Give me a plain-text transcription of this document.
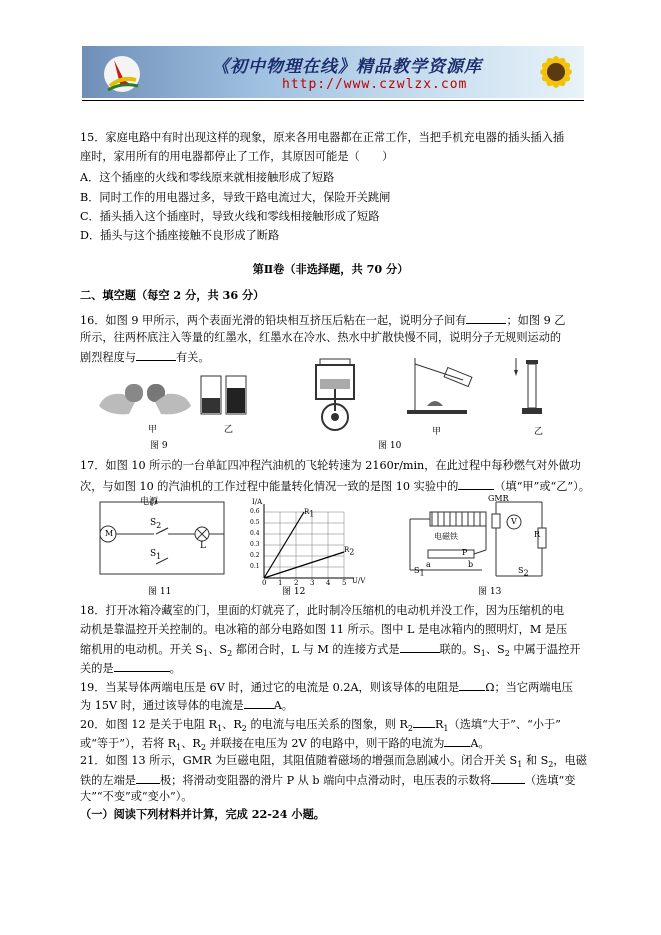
《初中物理在线》精品教学资源库
http://www.czwlzx.com
15．家庭电路中有时出现这样的现象，原来各用电器都在正常工作，当把手机充电器的插头插入插
座时，家用所有的用电器都停止了工作，其原因可能是（　　）
A．这个插座的火线和零线原来就相接触形成了短路
B．同时工作的用电器过多，导致干路电流过大，保险开关跳闸
C．插头插入这个插座时，导致火线和零线相接触形成了短路
D．插头与这个插座接触不良形成了断路
第Ⅱ卷（非选择题，共 70 分）
二、填空题（每空 2 分，共 36 分）
16．如图 9 甲所示，两个表面光滑的铅块相互挤压后粘在一起，说明分子间有	；如图 9 乙
所示，往两杯底注入等量的红墨水，红墨水在冷水、热水中扩散快慢不同，说明分子无规则运动的
剧烈程度与	有关。
甲	乙
图 9
甲	乙
图 10
17．如图 10 所示的一台单缸四冲程汽油机的飞轮转速为 2160r/min，在此过程中每秒燃气对外做功
次，与如图 10 的汽油机的工作过程中能量转化情况一致的是图 10 实验中的	（填“甲”或“乙”）。
电源
M
$S_2$
$S_1$
L
图 11
I/A
$R_1$
$R_2$
U/V
图 12
GMR
电磁铁
V
P
a	b
R
$S_1$	$S_2$
图 13
18．打开冰箱冷藏室的门，里面的灯就亮了，此时制冷压缩机的电动机并没工作，因为压缩机的电
动机是靠温控开关控制的。电冰箱的部分电路如图 11 所示。图中 L 是电冰箱内的照明灯，M 是压
缩机用的电动机。开关 $S_1$、$S_2$ 都闭合时，L 与 M 的连接方式是	联的。$S_1$、$S_2$ 中属于温控开
关的是	。
19．当某导体两端电压是 6V 时，通过它的电流是 0.2A，则该导体的电阻是 Ω；当它两端电压
为 15V 时，通过该导体的电流是	A。
20．如图 12 是关于电阻 $R_1$、$R_2$ 的电流与电压关系的图象，则 $R_2$ $R_1$（选填“大于”、“小于”
或“等于”），若将 $R_1$、$R_2$ 并联接在电压为 2V 的电路中，则干路的电流为 A。
21．如图 13 所示，GMR 为巨磁电阻，其阻值随着磁场的增强而急剧减小。闭合开关 $S_1$ 和 $S_2$，电磁
铁的左端是 极；将滑动变阻器的滑片 P 从 b 端向中点滑动时，电压表的示数将	（选填“变
大”“不变”或“变小”）。
（一）阅读下列材料并计算，完成 22-24 小题。
0 1 2 3 4 5
0.1
0.2
0.3
0.4
0.5
0.6
